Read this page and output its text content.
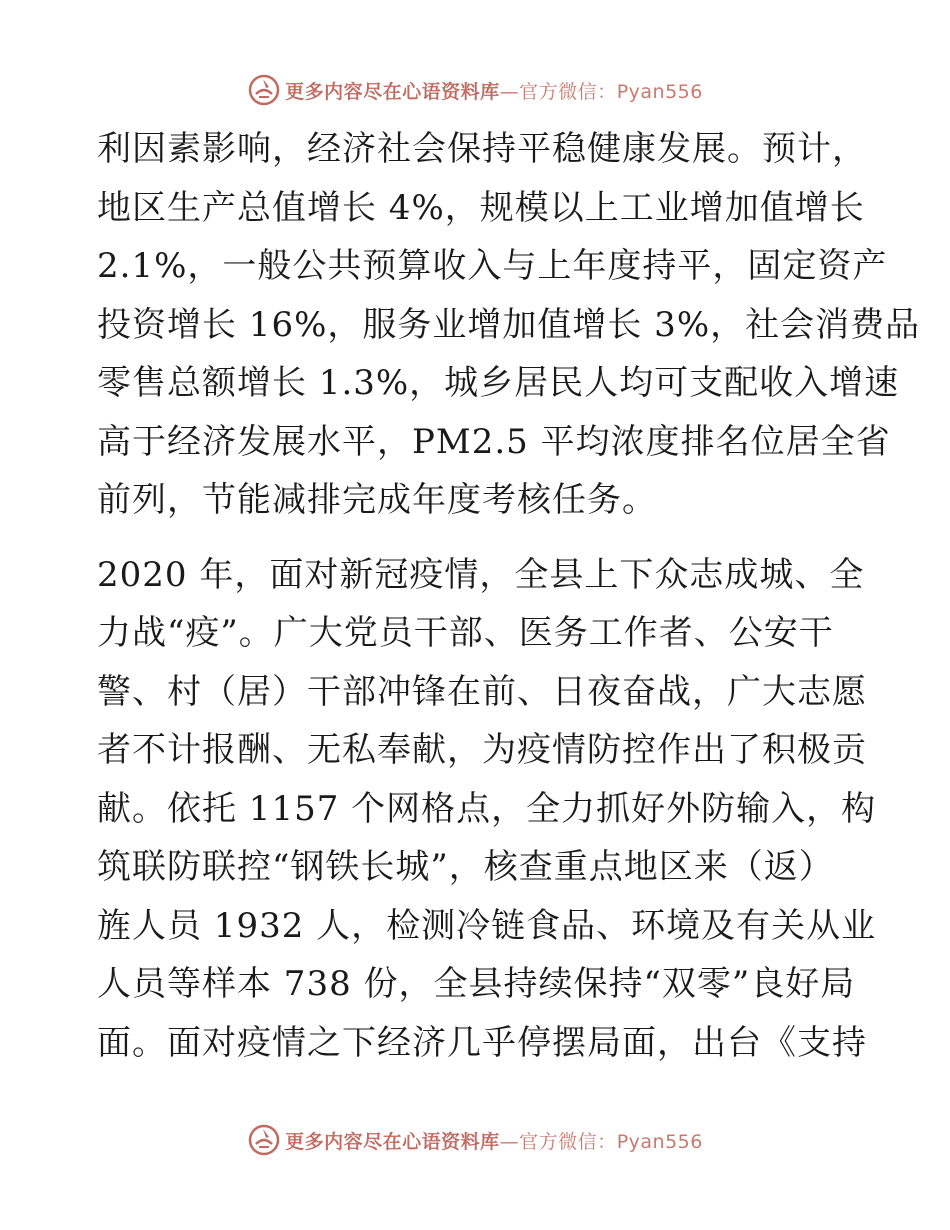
更多内容尽在心语资料库—官方微信：Pyan556
利因素影响，经济社会保持平稳健康发展。预计，
地区生产总值增长 4%，规模以上工业增加值增长
2.1%，一般公共预算收入与上年度持平，固定资产
投资增长 16%，服务业增加值增长 3%，社会消费品
零售总额增长 1.3%，城乡居民人均可支配收入增速
高于经济发展水平，PM2.5 平均浓度排名位居全省
前列，节能减排完成年度考核任务。
2020 年，面对新冠疫情，全县上下众志成城、全
力战“疫”。广大党员干部、医务工作者、公安干
警、村（居）干部冲锋在前、日夜奋战，广大志愿
者不计报酬、无私奉献，为疫情防控作出了积极贡
献。依托 1157 个网格点，全力抓好外防输入，构
筑联防联控“钢铁长城”，核查重点地区来（返）
旌人员 1932 人，检测冷链食品、环境及有关从业
人员等样本 738 份，全县持续保持“双零”良好局
面。面对疫情之下经济几乎停摆局面，出台《支持
更多内容尽在心语资料库—官方微信：Pyan556
